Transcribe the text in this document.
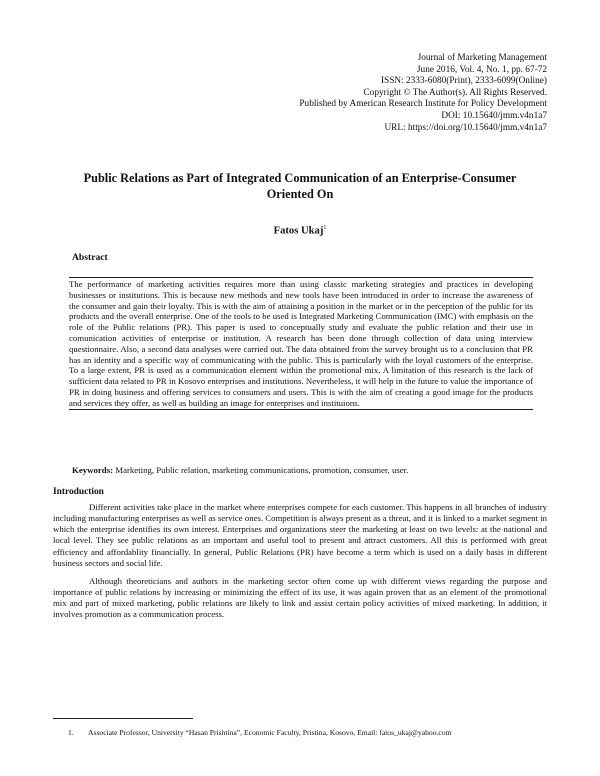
Journal of Marketing Management
June 2016, Vol. 4, No. 1, pp. 67-72
ISSN: 2333-6080(Print), 2333-6099(Online)
Copyright © The Author(s). All Rights Reserved.
Published by American Research Institute for Policy Development
DOI: 10.15640/jmm.v4n1a7
URL: https://doi.org/10.15640/jmm.v4n1a7
Public Relations as Part of Integrated Communication of an Enterprise-Consumer Oriented On
Fatos Ukaj$^1$
Abstract

The performance of marketing activities requires more than using classic marketing strategies and practices in developing businesses or institutions. This is because new methods and new tools have been introduced in order to increase the awareness of the consumer and gain their loyalty. This is with the aim of attaining a position in the market or in the perception of the public for its products and the overall enterprise. One of the tools to be used is Integrated Marketing Communication (IMC) with emphasis on the role of the Public relations (PR). This paper is used to conceptually study and evaluate the public relation and their use in comunication activities of enterprise or institution. A research has been done through collection of data using interview questionnaire. Also, a second data analyses were carried out. The data obtained from the survey brought us to a conclusion that PR has an identity and a specific way of communicating with the public. This is particularly with the loyal customers of the enterprise. To a large extent, PR is used as a communication element within the promotional mix. A limitation of this research is the lack of sufficient data related to PR in Kosovo enterprises and institutions. Nevertheless, it will help in the future to value the importance of PR in doing business and offering services to consumers and users. This is with the aim of creating a good image for the products and services they offer, as well as building an image for enterprises and instituions.

Keywords: Marketing, Public relation, marketing communications, promotion, consumer, user.
Introduction

Different activities take place in the market where enterprises compete for each customer. This happens in all branches of industry including manufacturing enterprises as well as service ones. Competition is always present as a threat, and it is linked to a market segment in which the enterprise identifies its own interest. Enterprises and organizations steer the marketing at least on two levels: at the national and local level. They see public relations as an important and useful tool to present and attract customers. All this is performed with great efficiency and affordablity financially. In general, Public Relations (PR) have become a term which is used on a daily basis in different business sectors and social life.

Although theoreticians and authors in the marketing sector often come up with different views regarding the purpose and importance of public relations by increasing or minimizing the effect of its use, it was again proven that as an element of the promotional mix and part of mixed marketing, public relations are likely to link and assist certain policy activities of mixed marketing. In addition, it involves promotion as a communication process.

1. Associate Professor, University “Hasan Prishtina”, Economic Faculty, Pristina, Kosovo, Email: fatos_ukaj@yahoo.com
